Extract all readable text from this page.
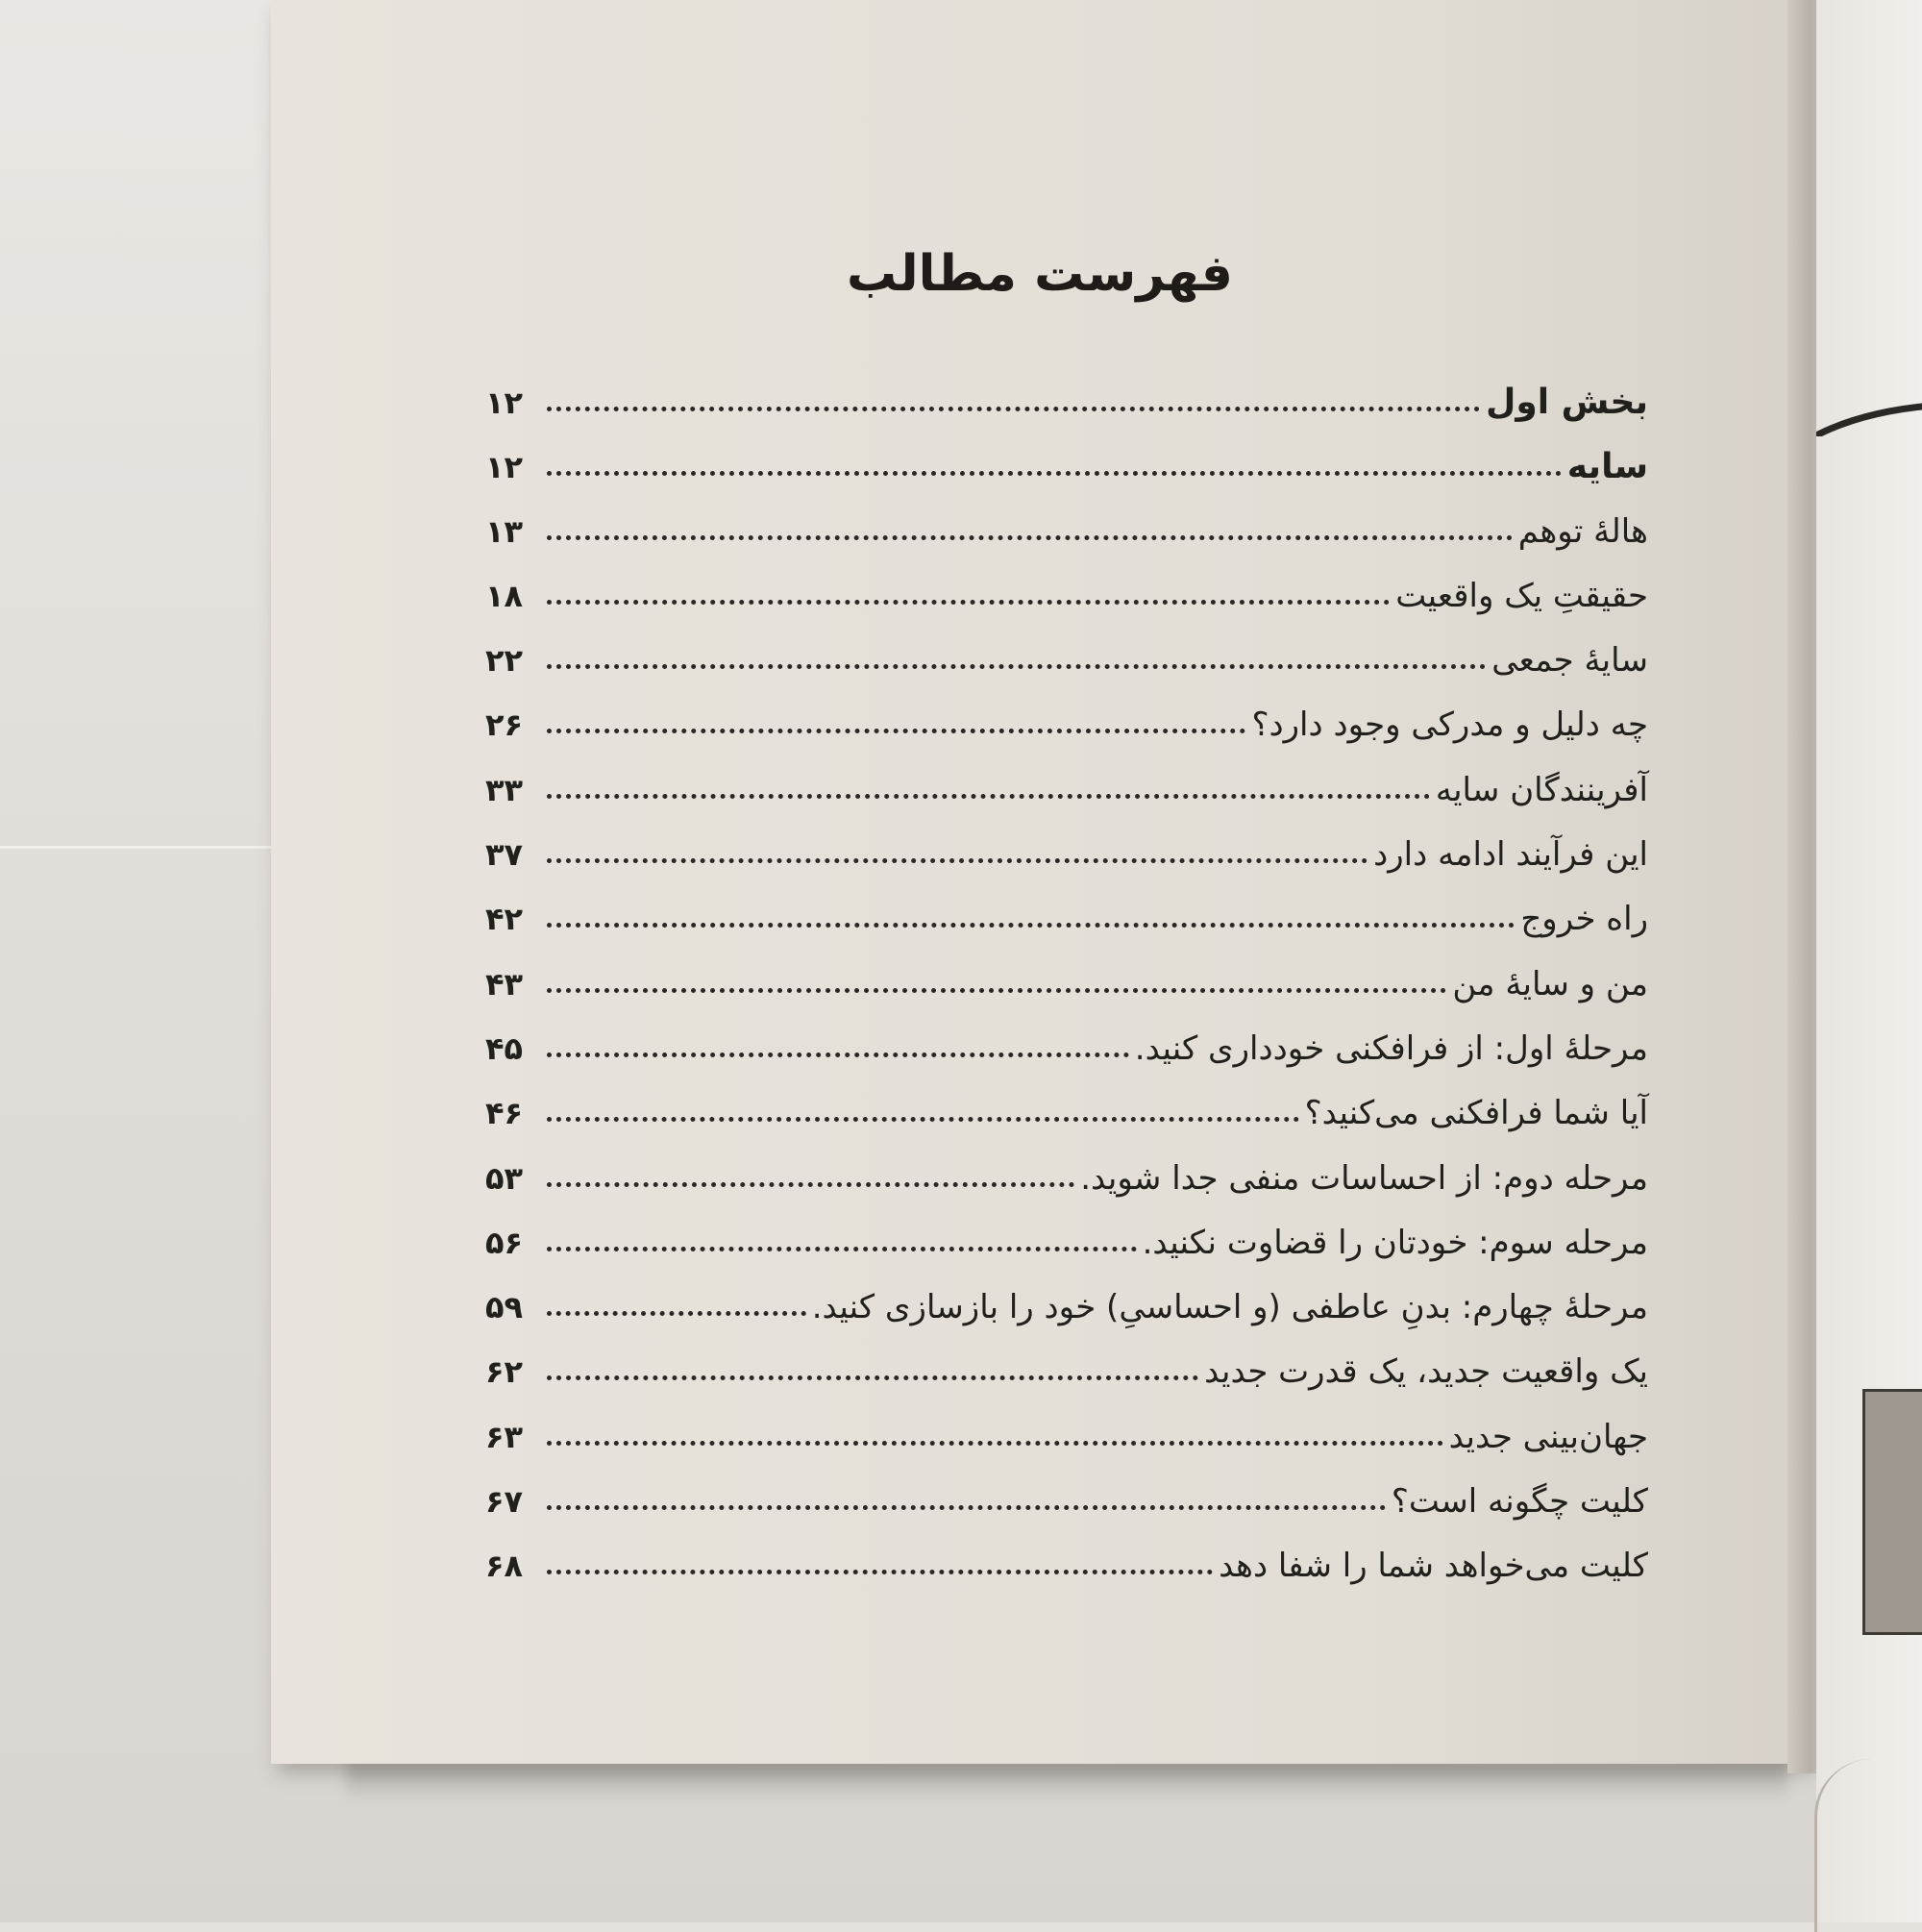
فهرست مطالب
بخش اول
۱۲
سایه
۱۲
هالهٔ توهم
۱۳
حقیقتِ یک واقعیت
۱۸
سایهٔ جمعی
۲۲
چه دلیل و مدرکی وجود دارد؟
۲۶
آفرینندگان سایه
۳۳
این فرآیند ادامه دارد
۳۷
راه خروج
۴۲
من و سایهٔ من
۴۳
مرحلهٔ اول: از فرافکنی خودداری کنید.
۴۵
آیا شما فرافکنی می‌کنید؟
۴۶
مرحله دوم: از احساسات منفی جدا شوید.
۵۳
مرحله سوم: خودتان را قضاوت نکنید.
۵۶
مرحلهٔ چهارم: بدنِ عاطفی (و احساسیِ) خود را بازسازی کنید.
۵۹
یک واقعیت جدید، یک قدرت جدید
۶۲
جهان‌بینی جدید
۶۳
کلیت چگونه است؟
۶۷
کلیت می‌خواهد شما را شفا دهد
۶۸
